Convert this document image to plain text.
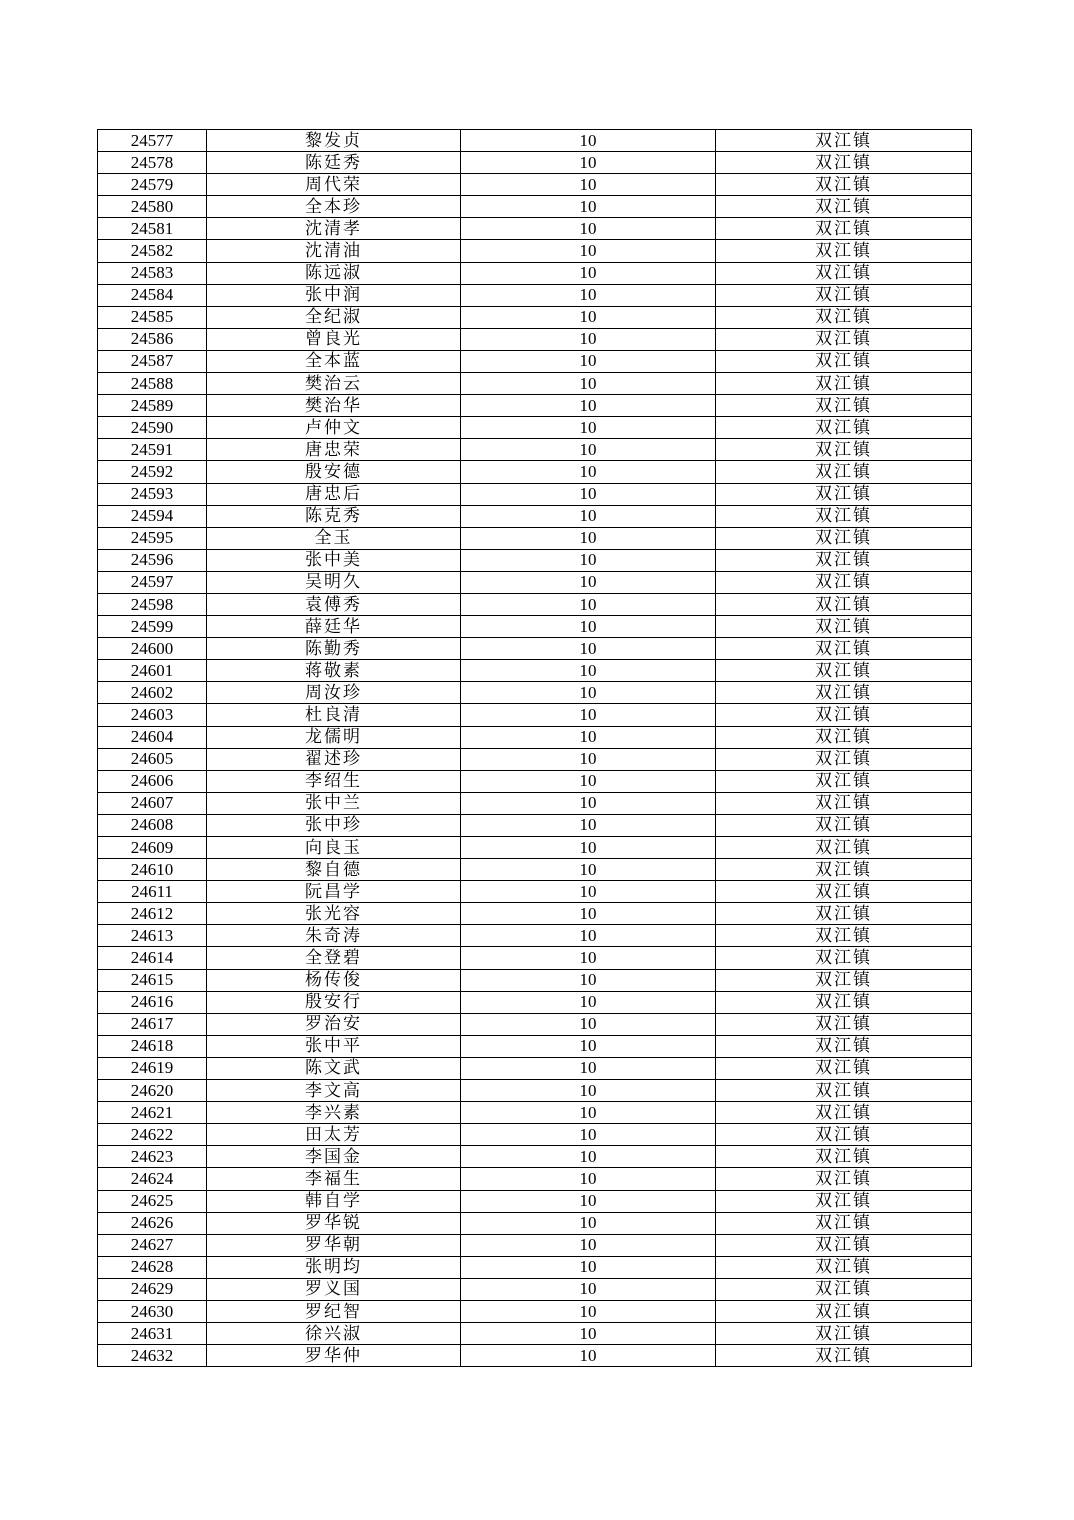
24577	黎发贞	10	双江镇
24578	陈廷秀	10	双江镇
24579	周代荣	10	双江镇
24580	全本珍	10	双江镇
24581	沈清孝	10	双江镇
24582	沈清油	10	双江镇
24583	陈远淑	10	双江镇
24584	张中润	10	双江镇
24585	全纪淑	10	双江镇
24586	曾良光	10	双江镇
24587	全本蓝	10	双江镇
24588	樊治云	10	双江镇
24589	樊治华	10	双江镇
24590	卢仲文	10	双江镇
24591	唐忠荣	10	双江镇
24592	殷安德	10	双江镇
24593	唐忠后	10	双江镇
24594	陈克秀	10	双江镇
24595	全玉	10	双江镇
24596	张中美	10	双江镇
24597	吴明久	10	双江镇
24598	袁傅秀	10	双江镇
24599	薛廷华	10	双江镇
24600	陈勤秀	10	双江镇
24601	蒋敬素	10	双江镇
24602	周汝珍	10	双江镇
24603	杜良清	10	双江镇
24604	龙儒明	10	双江镇
24605	翟述珍	10	双江镇
24606	李绍生	10	双江镇
24607	张中兰	10	双江镇
24608	张中珍	10	双江镇
24609	向良玉	10	双江镇
24610	黎自德	10	双江镇
24611	阮昌学	10	双江镇
24612	张光容	10	双江镇
24613	朱奇涛	10	双江镇
24614	全登碧	10	双江镇
24615	杨传俊	10	双江镇
24616	殷安行	10	双江镇
24617	罗治安	10	双江镇
24618	张中平	10	双江镇
24619	陈文武	10	双江镇
24620	李文高	10	双江镇
24621	李兴素	10	双江镇
24622	田太芳	10	双江镇
24623	李国金	10	双江镇
24624	李福生	10	双江镇
24625	韩自学	10	双江镇
24626	罗华锐	10	双江镇
24627	罗华朝	10	双江镇
24628	张明均	10	双江镇
24629	罗义国	10	双江镇
24630	罗纪智	10	双江镇
24631	徐兴淑	10	双江镇
24632	罗华仲	10	双江镇
